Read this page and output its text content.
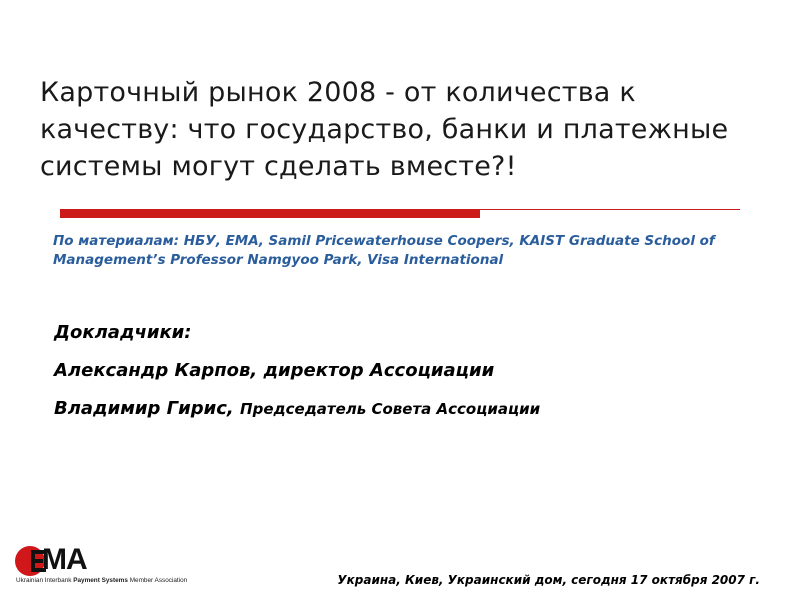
Карточный рынок 2008 - от количества к качеству: что государство, банки и платежные системы могут сделать вместе?!
По материалам: НБУ, ЕМА, Samil Pricewaterhouse Coopers, KAIST Graduate School of Management’s Professor Namgyoo Park, Visa International
Докладчики:
Александр Карпов, директор Ассоциации
Владимир Гирис, Председатель Совета Ассоциации
MA
Ukrainian Interbank Payment Systems Member Association	Украина, Киев, Украинский дом, сегодня 17 октября 2007 г.
